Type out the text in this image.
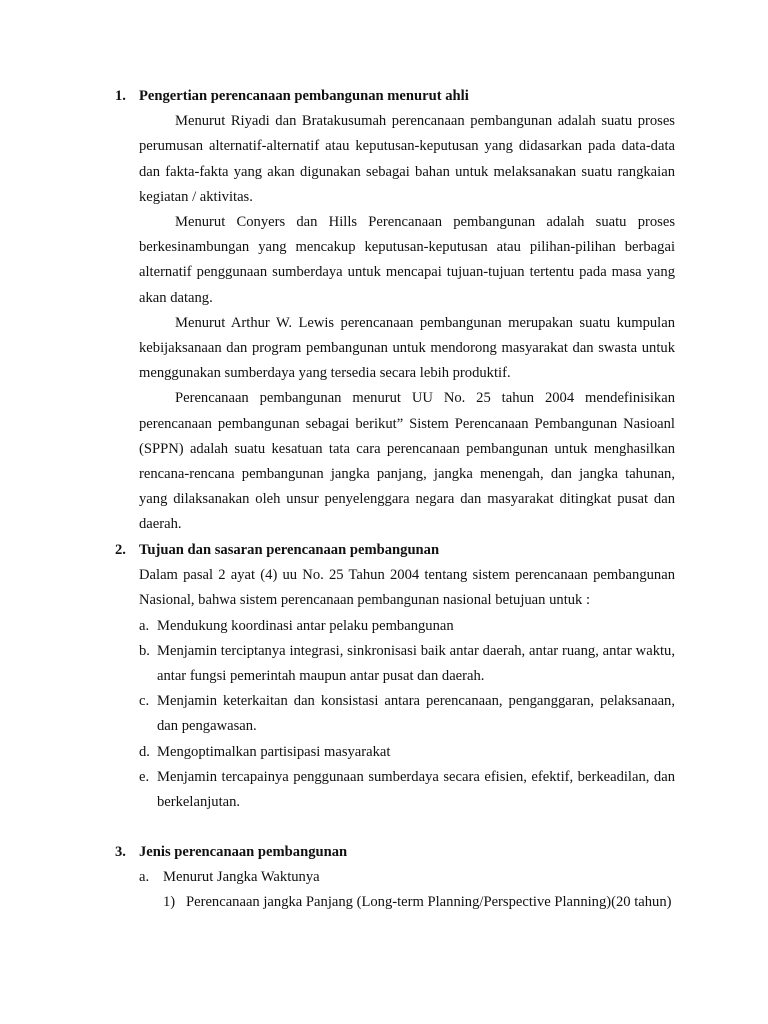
1. Pengertian perencanaan pembangunan menurut ahli

Menurut Riyadi dan Bratakusumah perencanaan pembangunan adalah suatu proses perumusan alternatif-alternatif atau keputusan-keputusan yang didasarkan pada data-data dan fakta-fakta yang akan digunakan sebagai bahan untuk melaksanakan suatu rangkaian kegiatan / aktivitas.

Menurut Conyers dan Hills Perencanaan pembangunan adalah suatu proses berkesinambungan yang mencakup keputusan-keputusan atau pilihan-pilihan berbagai alternatif penggunaan sumberdaya untuk mencapai tujuan-tujuan tertentu pada masa yang akan datang.

Menurut Arthur W. Lewis perencanaan pembangunan merupakan suatu kumpulan kebijaksanaan dan program pembangunan untuk mendorong masyarakat dan swasta untuk menggunakan sumberdaya yang tersedia secara lebih produktif.

Perencanaan pembangunan menurut UU No. 25 tahun 2004 mendefinisikan perencanaan pembangunan sebagai berikut” Sistem Perencanaan Pembangunan Nasioanl (SPPN) adalah suatu kesatuan tata cara perencanaan pembangunan untuk menghasilkan rencana-rencana pembangunan jangka panjang, jangka menengah, dan jangka tahunan, yang dilaksanakan oleh unsur penyelenggara negara dan masyarakat ditingkat pusat dan daerah.

2. Tujuan dan sasaran perencanaan pembangunan

Dalam pasal 2 ayat (4) uu No. 25 Tahun 2004 tentang sistem perencanaan pembangunan Nasional, bahwa sistem perencanaan pembangunan nasional betujuan untuk :

a. Mendukung koordinasi antar pelaku pembangunan
b. Menjamin terciptanya integrasi, sinkronisasi baik antar daerah, antar ruang, antar waktu, antar fungsi pemerintah maupun antar pusat dan daerah.
c. Menjamin keterkaitan dan konsistasi antara perencanaan, penganggaran, pelaksanaan, dan pengawasan.
d. Mengoptimalkan partisipasi masyarakat
e. Menjamin tercapainya penggunaan sumberdaya secara efisien, efektif, berkeadilan, dan berkelanjutan.
3. Jenis perencanaan pembangunan
a. Menurut Jangka Waktunya
1) Perencanaan jangka Panjang (Long-term Planning/Perspective Planning)(20 tahun)
